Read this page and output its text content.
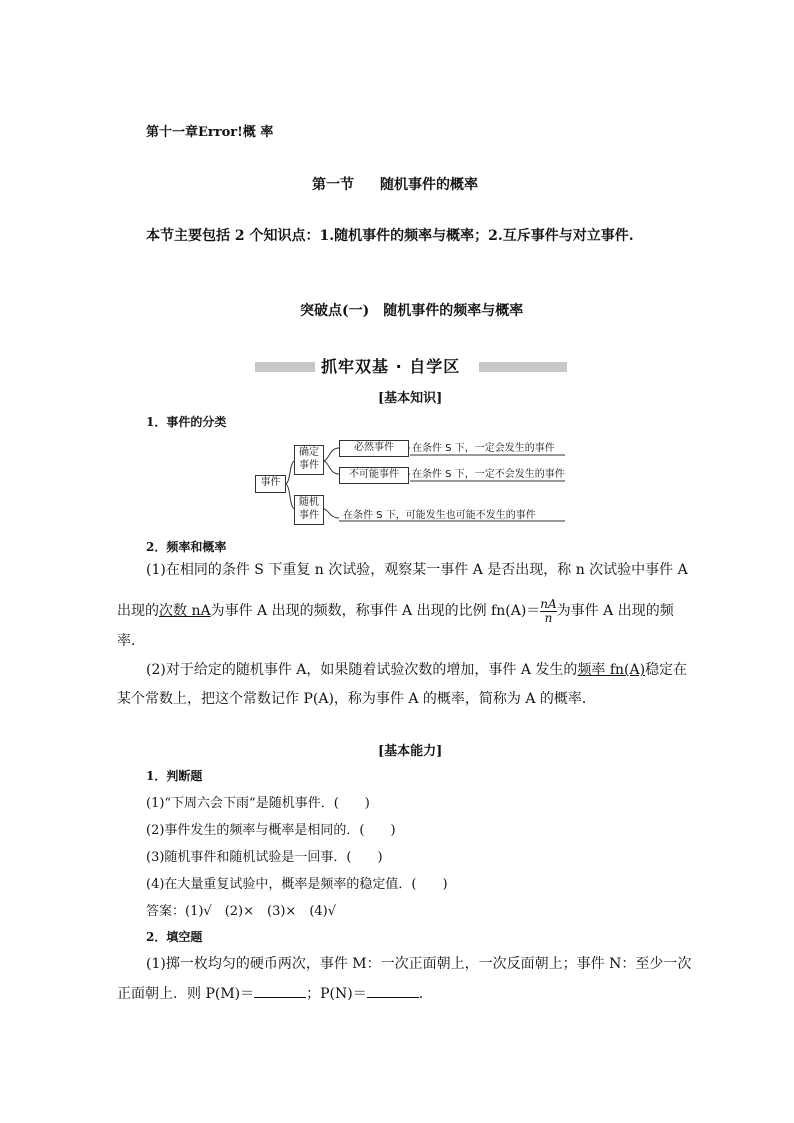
第十一章Error!概 率
第一节 随机事件的概率
本节主要包括 2 个知识点：1.随机事件的频率与概率；2.互斥事件与对立事件.
突破点(一)　随机事件的频率与概率
抓牢双基 · 自学区
[基本知识]
1．事件的分类
事件
确定事件
随机事件
必然事件
不可能事件
在条件 S 下，一定会发生的事件
在条件 S 下，一定不会发生的事件
在条件 S 下，可能发生也可能不发生的事件
2．频率和概率
(1)在相同的条件 S 下重复 n 次试验，观察某一事件 A 是否出现，称 n 次试验中事件 A
出现的次数 nA为事件 A 出现的频数，称事件 A 出现的比例 $fn(A)= \frac{nA}{n}$ 为事件 A 出现的频
率．
(2)对于给定的随机事件 A，如果随着试验次数的增加，事件 A 发生的频率 fn(A)稳定在
某个常数上，把这个常数记作 P(A)，称为事件 A 的概率，简称为 A 的概率．
[基本能力]
1．判断题
(1)“下周六会下雨”是随机事件．(　　)
(2)事件发生的频率与概率是相同的．(　　)
(3)随机事件和随机试验是一回事．(　　)
(4)在大量重复试验中，概率是频率的稳定值．(　　)
答案：(1)√　(2)×　(3)×　(4)√
2．填空题
(1)掷一枚均匀的硬币两次，事件 M：一次正面朝上，一次反面朝上；事件 N：至少一次
正面朝上．则 P(M)＝	；P(N)＝	.
